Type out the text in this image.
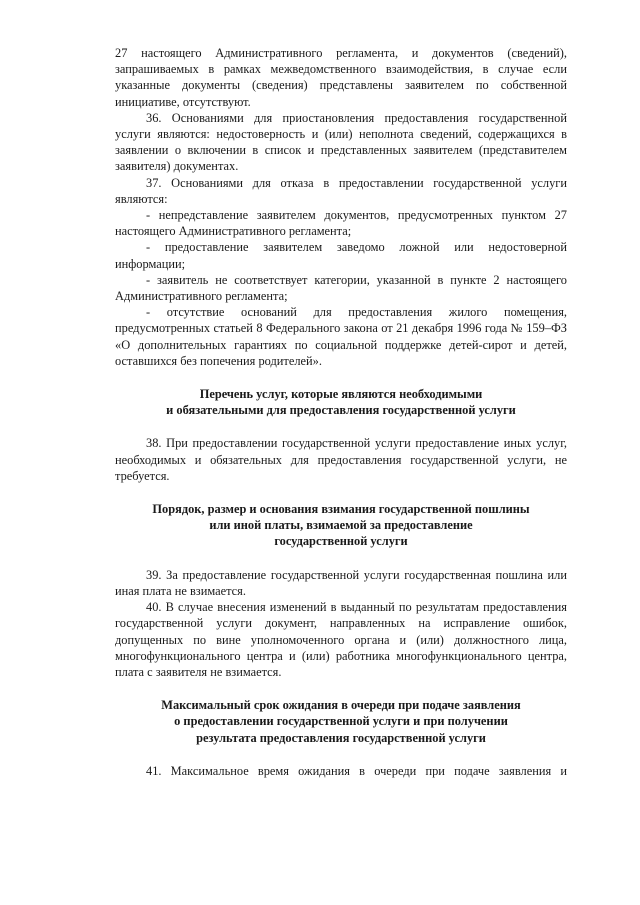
27 настоящего Административного регламента, и документов (сведений), запрашиваемых в рамках межведомственного взаимодействия, в случае если указанные документы (сведения) представлены заявителем по собственной инициативе, отсутствуют.

36. Основаниями для приостановления предоставления государственной услуги являются: недостоверность и (или) неполнота сведений, содержащихся в заявлении о включении в список и представленных заявителем (представителем заявителя) документах.

37. Основаниями для отказа в предоставлении государственной услуги являются:

- непредставление заявителем документов, предусмотренных пунктом 27 настоящего Административного регламента;

- предоставление заявителем заведомо ложной или недостоверной информации;

- заявитель не соответствует категории, указанной в пункте 2 настоящего Административного регламента;

- отсутствие оснований для предоставления жилого помещения, предусмотренных статьей 8 Федерального закона от 21 декабря 1996 года № 159–ФЗ «О дополнительных гарантиях по социальной поддержке детей-сирот и детей, оставшихся без попечения родителей».

Перечень услуг, которые являются необходимыми

и обязательными для предоставления государственной услуги

38. При предоставлении государственной услуги предоставление иных услуг, необходимых и обязательных для предоставления государственной услуги, не требуется.

Порядок, размер и основания взимания государственной пошлины

или иной платы, взимаемой за предоставление

государственной услуги

39. За предоставление государственной услуги государственная пошлина или иная плата не взимается.

40. В случае внесения изменений в выданный по результатам предоставления государственной услуги документ, направленных на исправление ошибок, допущенных по вине уполномоченного органа и (или) должностного лица, многофункционального центра и (или) работника многофункционального центра, плата с заявителя не взимается.

Максимальный срок ожидания в очереди при подаче заявления

о предоставлении государственной услуги и при получении

результата предоставления государственной услуги

41. Максимальное время ожидания в очереди при подаче заявления и
